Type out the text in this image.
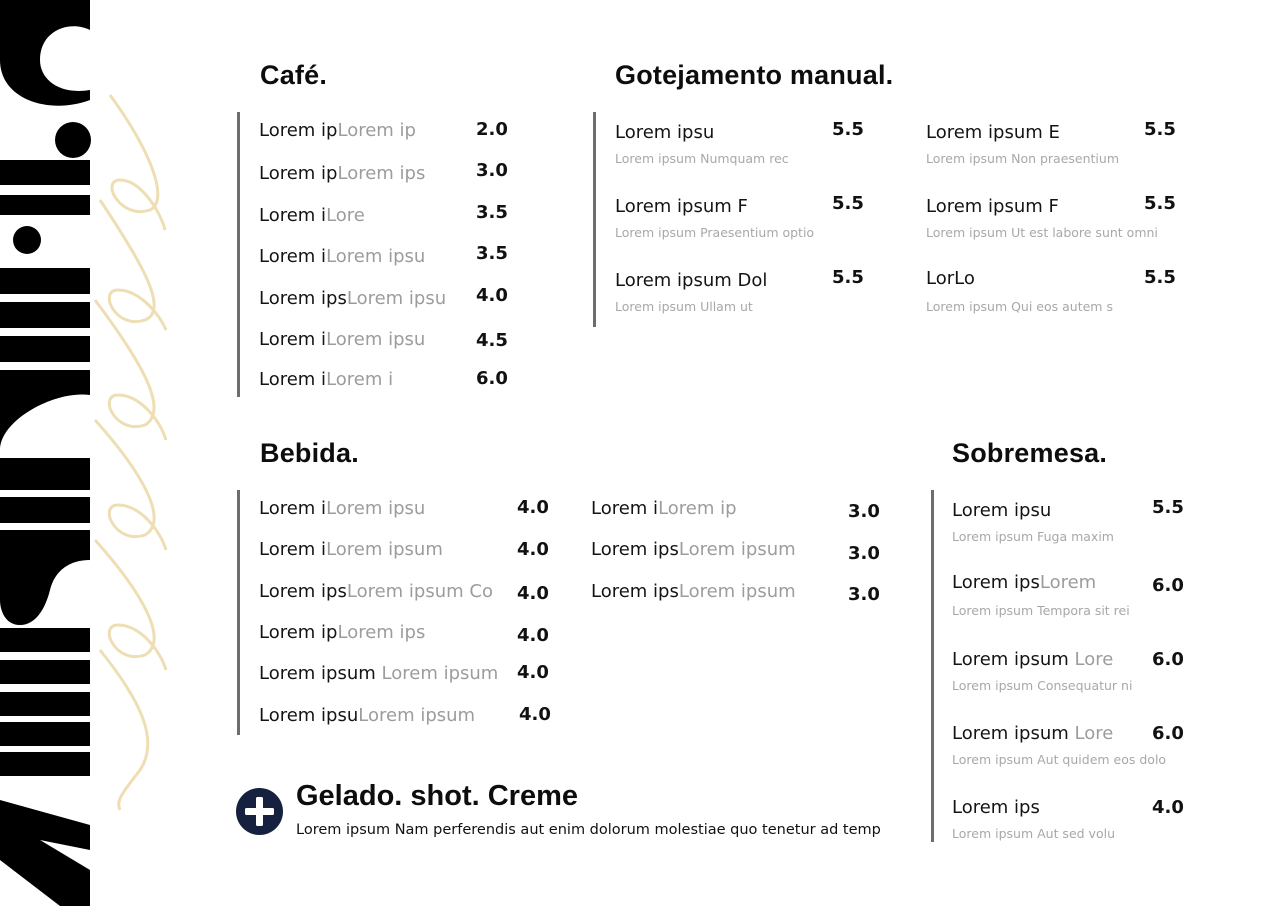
Café.
Lorem ipLorem ip	2.0
Lorem ipLorem ips	3.0
Lorem iLore	3.5
Lorem iLorem ipsu	3.5
Lorem ipsLorem ipsu 4.0
Lorem iLorem ipsu	4.5
Lorem iLorem i	6.0
Gotejamento manual.
Lorem ipsu
Lorem ipsum Numquam rec
5.5
Lorem ipsum F
Lorem ipsum Praesentium optio
5.5
Lorem ipsum Dol
Lorem ipsum Ullam ut
5.5
Lorem ipsum E
Lorem ipsum Non praesentium
5.5
Lorem ipsum F
Lorem ipsum Ut est labore sunt omni
5.5
LorLo
Lorem ipsum Qui eos autem s
5.5
Bebida.
Lorem iLorem ipsu	4.0
Lorem iLorem ipsum	4.0
Lorem ipsLorem ipsum Co 4.0
Lorem ipLorem ips	4.0
Lorem ipsum Lorem ipsum 4.0
Lorem ipsuLorem ipsum 4.0
Lorem iLorem ip	3.0
Lorem ipsLorem ipsum	3.0
Lorem ipsLorem ipsum	3.0
Sobremesa.
Lorem ipsu
Lorem ipsum Fuga maxim
5.5
Lorem ipsLorem
Lorem ipsum Tempora sit rei
6.0
Lorem ipsum Lore
Lorem ipsum Consequatur ni
6.0
Lorem ipsum Lore
Lorem ipsum Aut quidem eos dolo
6.0
Lorem ips
Lorem ipsum Aut sed volu
4.0
Gelado. shot. Creme
Lorem ipsum Nam perferendis aut enim dolorum molestiae quo tenetur ad temp
